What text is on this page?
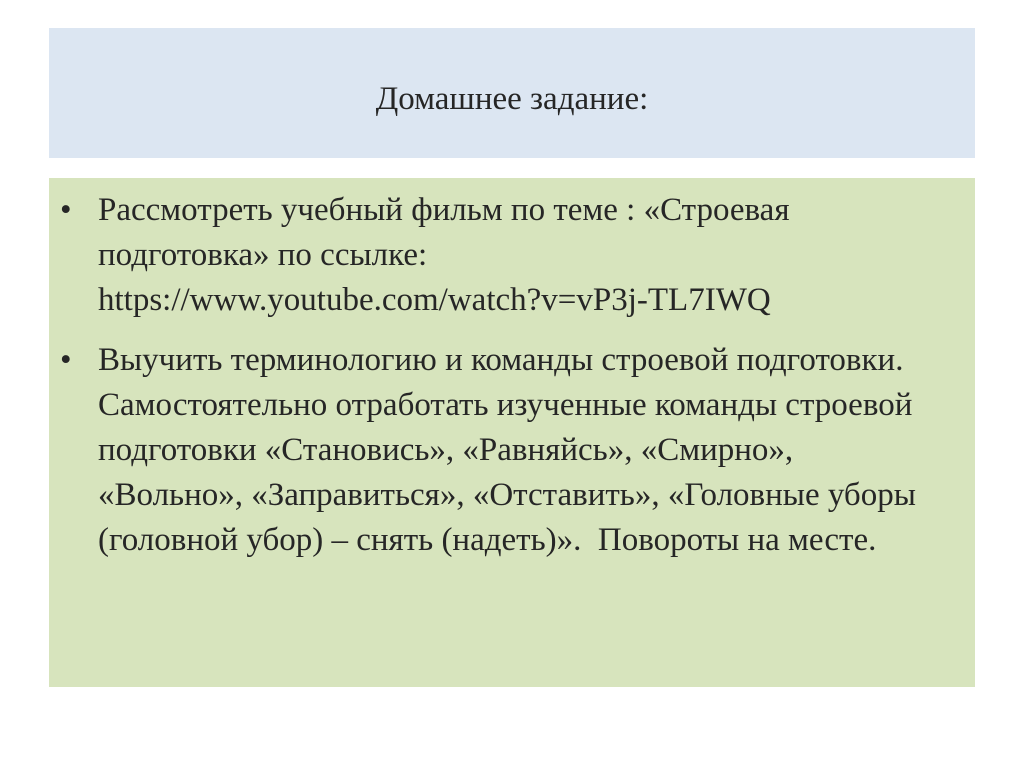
Домашнее задание:
• Рассмотреть учебный фильм по теме : «Строевая
подготовка» по ссылке:
https://www.youtube.com/watch?v=vP3j-TL7IWQ
• Выучить терминологию и команды строевой подготовки.
Самостоятельно отработать изученные команды строевой
подготовки «Становись», «Равняйсь», «Смирно»,
«Вольно», «Заправиться», «Отставить», «Головные уборы
(головной убор) – снять (надеть)».  Повороты на месте.
